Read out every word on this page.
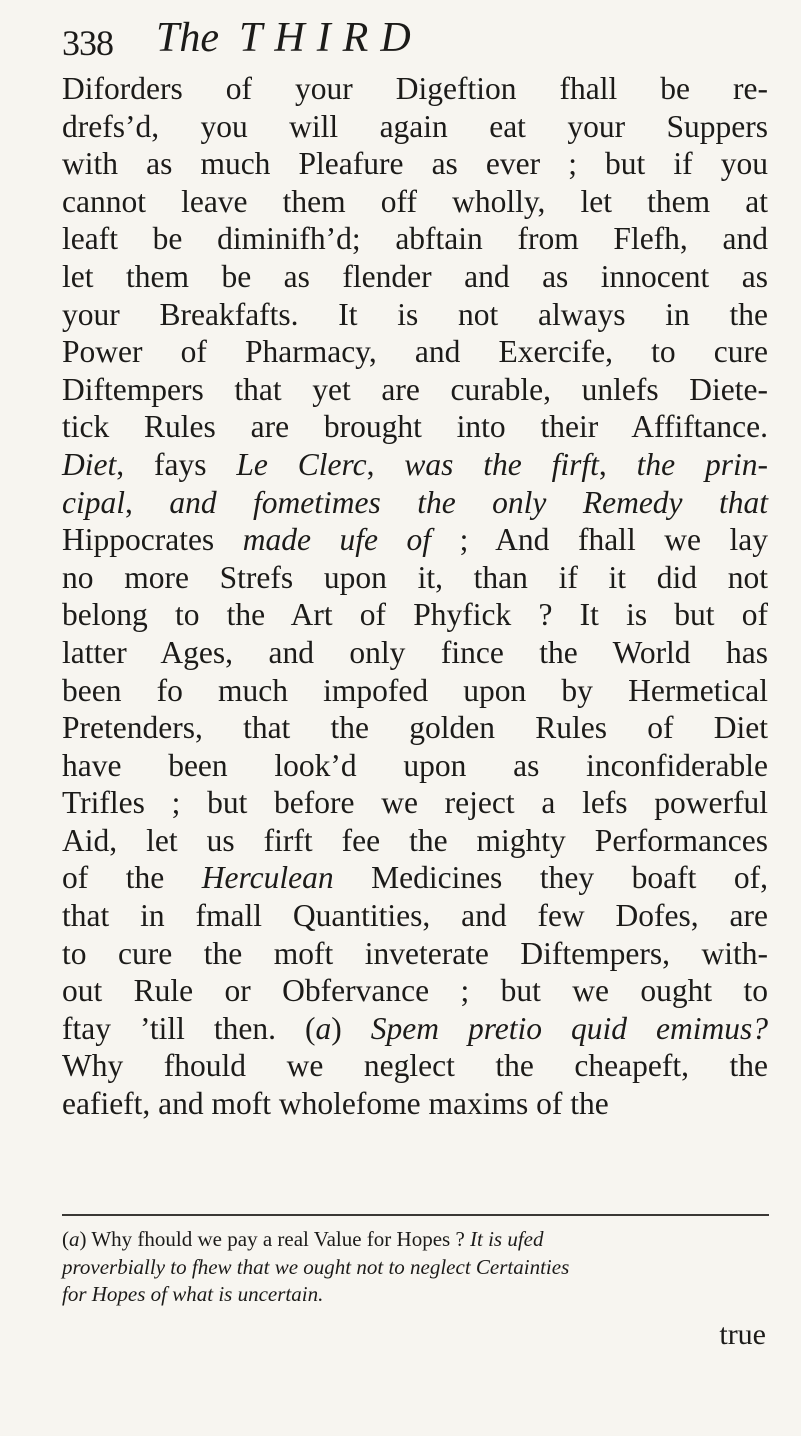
338 The THIRD
Diforders of your Digeftion fhall be re-
drefs’d, you will again eat your Suppers
with as much Pleafure as ever ; but if you
cannot leave them off wholly, let them at
leaft be diminifh’d; abftain from Flefh, and
let them be as flender and as innocent as
your Breakfafts. It is not always in the
Power of Pharmacy, and Exercife, to cure
Diftempers that yet are curable, unlefs Diete-
tick Rules are brought into their Affiftance.
Diet, fays Le Clerc, was the firft, the prin-
cipal, and fometimes the only Remedy that
Hippocrates made ufe of ; And fhall we lay
no more Strefs upon it, than if it did not
belong to the Art of Phyfick ? It is but of
latter Ages, and only fince the World has
been fo much impofed upon by Hermetical
Pretenders, that the golden Rules of Diet
have been look’d upon as inconfiderable
Trifles ; but before we reject a lefs powerful
Aid, let us firft fee the mighty Performances
of the Herculean Medicines they boaft of,
that in fmall Quantities, and few Dofes, are
to cure the moft inveterate Diftempers, with-
out Rule or Obfervance ; but we ought to
ftay ’till then. (a) Spem pretio quid emimus?
Why fhould we neglect the cheapeft, the
eafieft, and moft wholefome maxims of the
(a) Why fhould we pay a real Value for Hopes ? It is ufed
proverbially to fhew that we ought not to neglect Certainties
for Hopes of what is uncertain.
true
